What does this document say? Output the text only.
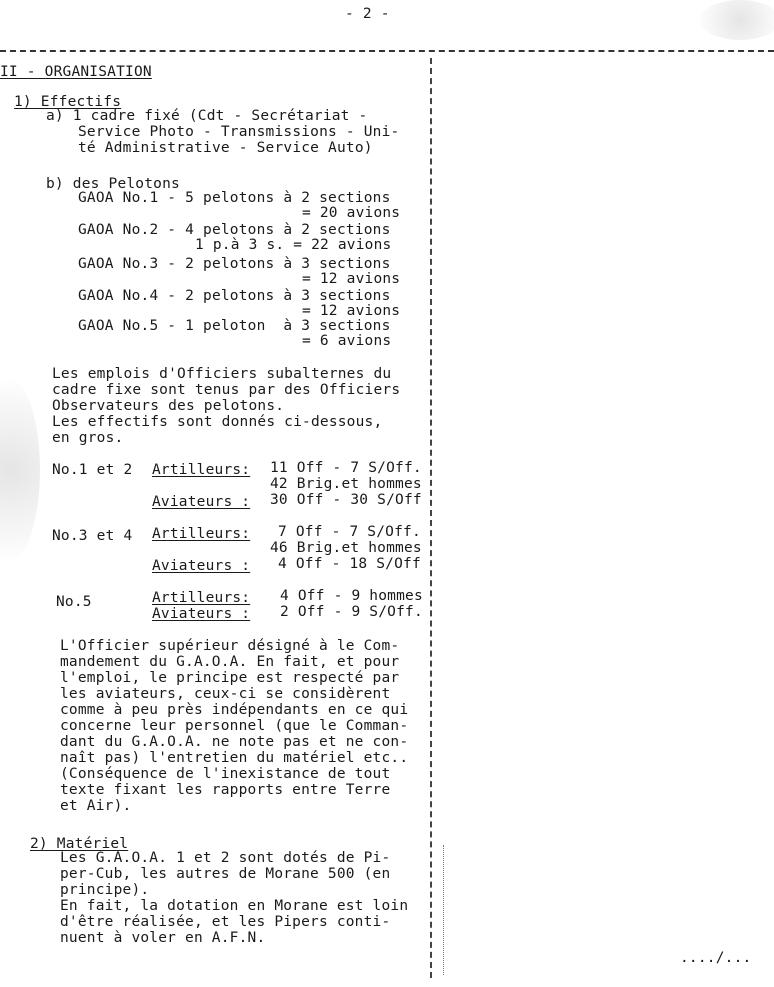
- 2 -
II - ORGANISATION
1) Effectifs
a) 1 cadre fixé (Cdt - Secrétariat -
Service Photo - Transmissions - Uni-
té Administrative - Service Auto)
b) des Pelotons
GAOA No.1 - 5 pelotons à 2 sections
= 20 avions
GAOA No.2 - 4 pelotons à 2 sections
1 p.à 3 s. = 22 avions
GAOA No.3 - 2 pelotons à 3 sections
= 12 avions
GAOA No.4 - 2 pelotons à 3 sections
= 12 avions
GAOA No.5 - 1 peloton  à 3 sections
= 6 avions
Les emplois d'Officiers subalternes du
cadre fixe sont tenus par des Officiers
Observateurs des pelotons.
Les effectifs sont donnés ci-dessous,
en gros.
No.1 et 2 Artilleurs: 11 Off - 7 S/Off.
42 Brig.et hommes
Aviateurs : 30 Off - 30 S/Off
No.3 et 4 Artilleurs: 7 Off - 7 S/Off.
46 Brig.et hommes
Aviateurs : 4 Off - 18 S/Off
No.5	Artilleurs: 4 Off - 9 hommes
Aviateurs : 2 Off - 9 S/Off.
L'Officier supérieur désigné à le Com-
mandement du G.A.O.A. En fait, et pour
l'emploi, le principe est respecté par
les aviateurs, ceux-ci se considèrent
comme à peu près indépendants en ce qui
concerne leur personnel (que le Comman-
dant du G.A.O.A. ne note pas et ne con-
naît pas) l'entretien du matériel etc..
(Conséquence de l'inexistance de tout
texte fixant les rapports entre Terre
et Air).
2) Matériel
Les G.A.O.A. 1 et 2 sont dotés de Pi-
per-Cub, les autres de Morane 500 (en
principe).
En fait, la dotation en Morane est loin
d'être réalisée, et les Pipers conti-
nuent à voler en A.F.N.
..../...
